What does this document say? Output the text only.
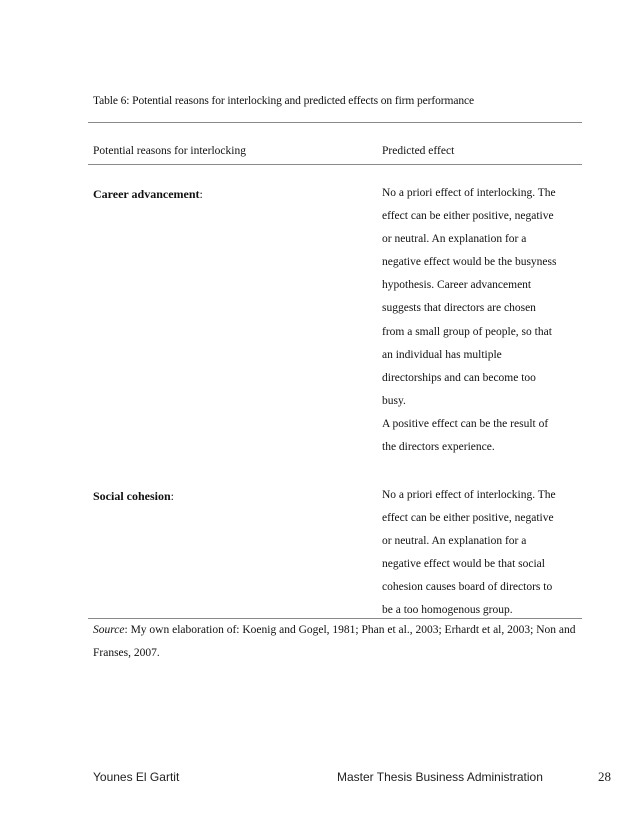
Table 6: Potential reasons for interlocking and predicted effects on firm performance
Potential reasons for interlocking	Predicted effect
Career advancement:	No a priori effect of interlocking. The
effect can be either positive, negative
or neutral. An explanation for a
negative effect would be the busyness
hypothesis. Career advancement
suggests that directors are chosen
from a small group of people, so that
an individual has multiple
directorships and can become too
busy.
A positive effect can be the result of
the directors experience.
Social cohesion:	No a priori effect of interlocking. The
effect can be either positive, negative
or neutral. An explanation for a
negative effect would be that social
cohesion causes board of directors to
be a too homogenous group.
Source: My own elaboration of: Koenig and Gogel, 1981; Phan et al., 2003; Erhardt et al, 2003; Non and Franses, 2007.
Younes El Gartit	Master Thesis Business Administration	28
